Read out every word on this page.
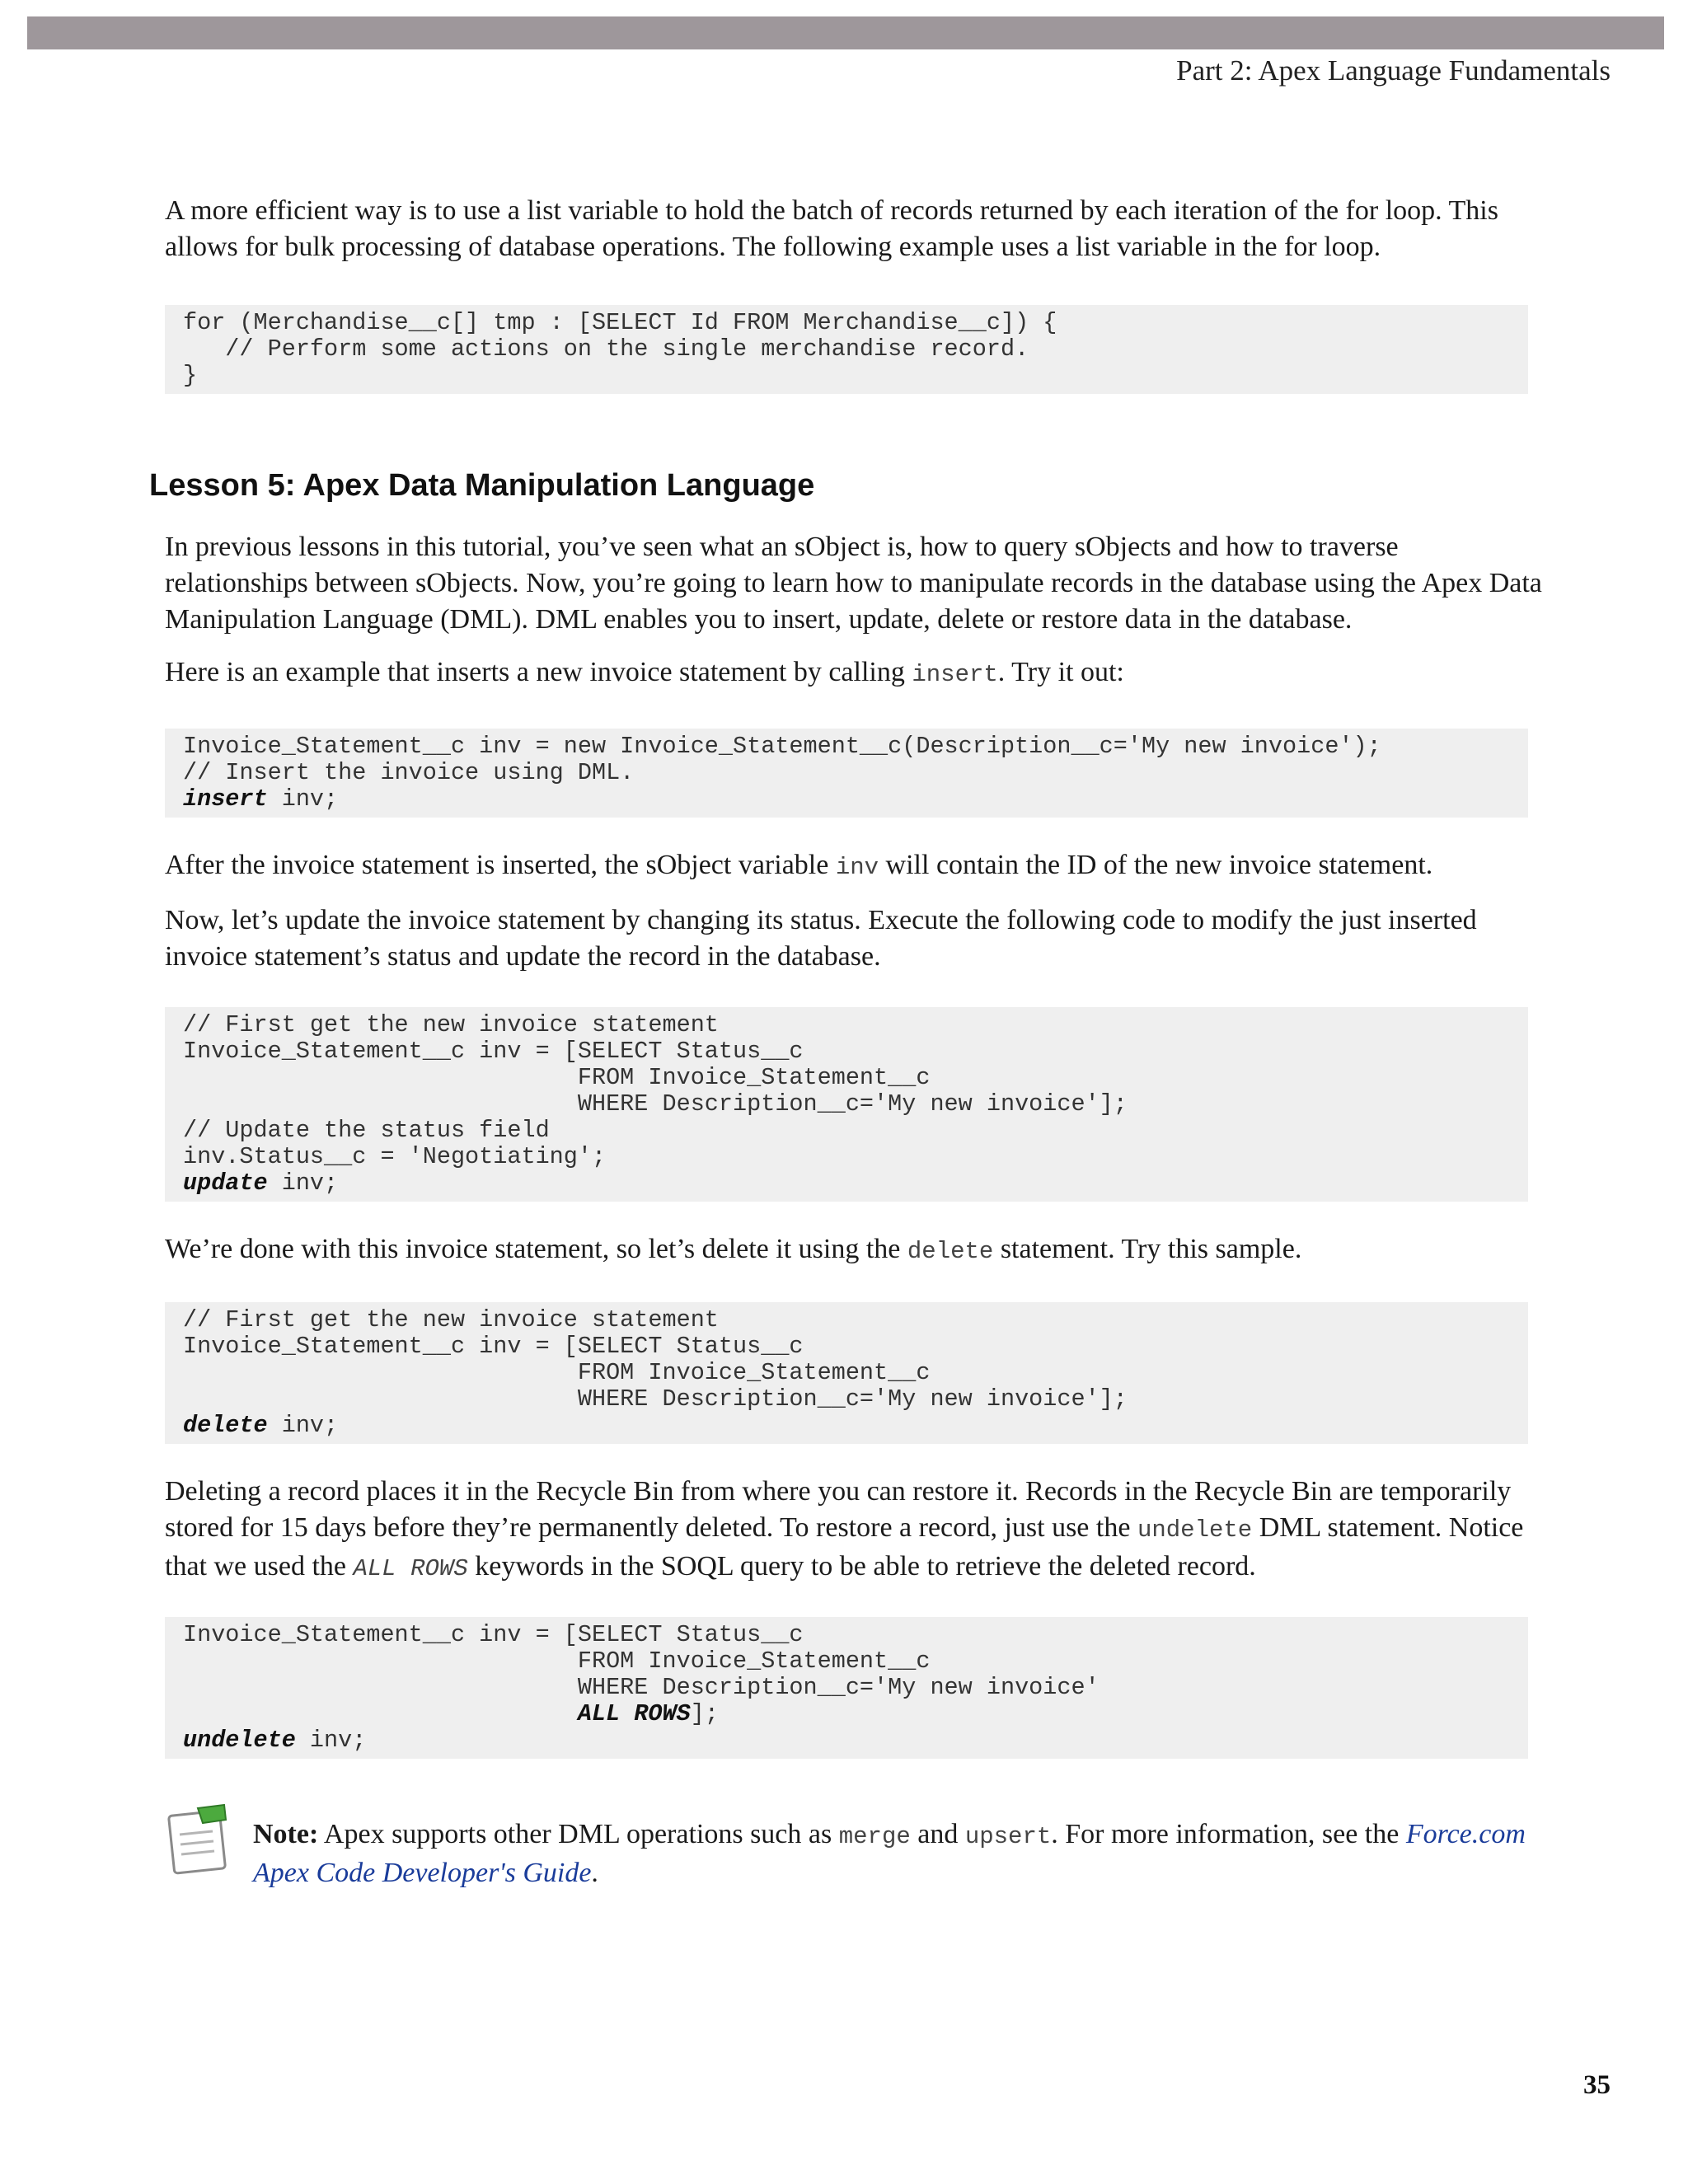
Part 2: Apex Language Fundamentals

A more efficient way is to use a list variable to hold the batch of records returned by each iteration of the for loop. This allows for bulk processing of database operations. The following example uses a list variable in the for loop.

for (Merchandise__c[] tmp : [SELECT Id FROM Merchandise__c]) {
// Perform some actions on the single merchandise record.
}
Lesson 5: Apex Data Manipulation Language

In previous lessons in this tutorial, you’ve seen what an sObject is, how to query sObjects and how to traverse relationships between sObjects. Now, you’re going to learn how to manipulate records in the database using the Apex Data Manipulation Language (DML). DML enables you to insert, update, delete or restore data in the database.

Here is an example that inserts a new invoice statement by calling insert. Try it out:

Invoice_Statement__c inv = new Invoice_Statement__c(Description__c='My new invoice');
// Insert the invoice using DML.
insert inv;

After the invoice statement is inserted, the sObject variable inv will contain the ID of the new invoice statement.

Now, let’s update the invoice statement by changing its status. Execute the following code to modify the just inserted invoice statement’s status and update the record in the database.

// First get the new invoice statement
Invoice_Statement__c inv = [SELECT Status__c
FROM Invoice_Statement__c
WHERE Description__c='My new invoice'];
// Update the status field
inv.Status__c = 'Negotiating';
update inv;

We’re done with this invoice statement, so let’s delete it using the delete statement. Try this sample.

// First get the new invoice statement
Invoice_Statement__c inv = [SELECT Status__c
FROM Invoice_Statement__c
WHERE Description__c='My new invoice'];
delete inv;

Deleting a record places it in the Recycle Bin from where you can restore it. Records in the Recycle Bin are temporarily stored for 15 days before they’re permanently deleted. To restore a record, just use the undelete DML statement. Notice that we used the ALL ROWS keywords in the SOQL query to be able to retrieve the deleted record.

Invoice_Statement__c inv = [SELECT Status__c
FROM Invoice_Statement__c
WHERE Description__c='My new invoice'
ALL ROWS];
undelete inv;

Note: Apex supports other DML operations such as merge and upsert. For more information, see the Force.com Apex Code Developer's Guide.

35
